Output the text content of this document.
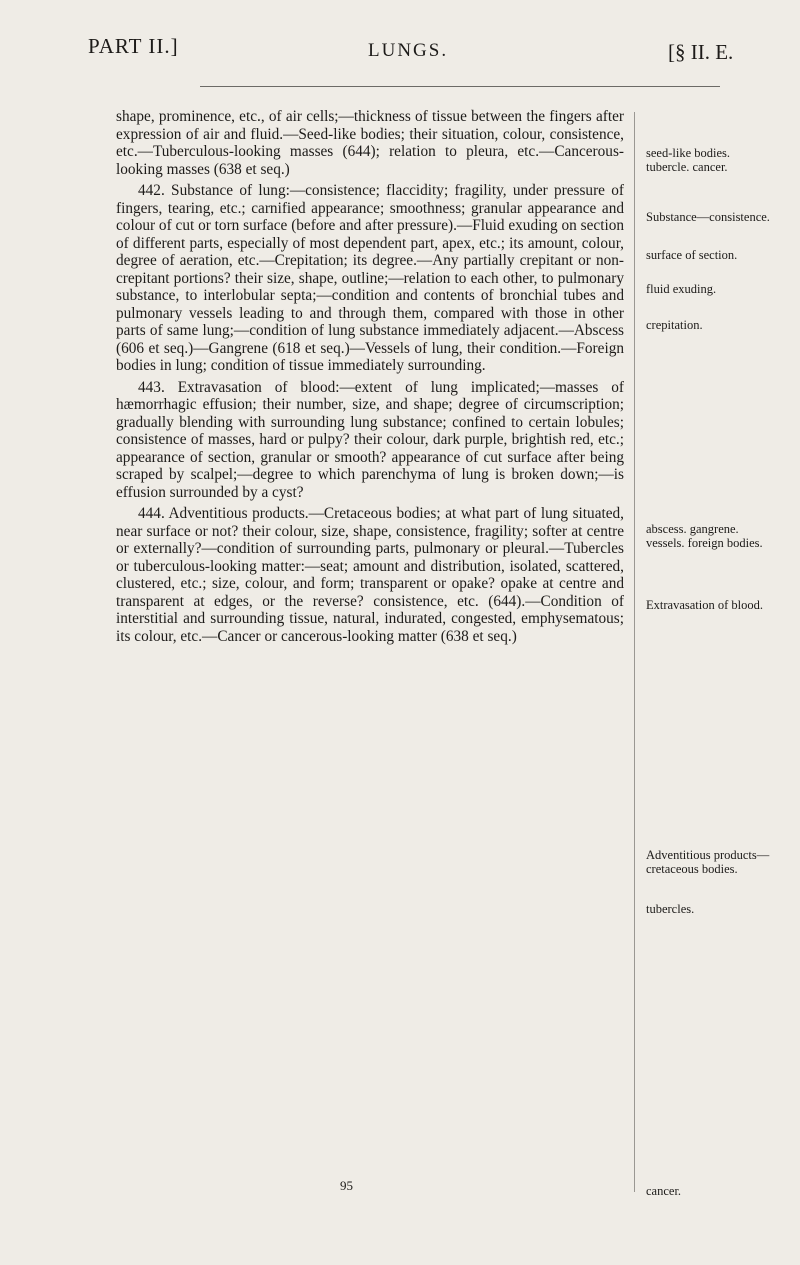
PART II.]	LUNGS.	[§ II. E.

shape, prominence, etc., of air cells;—thickness of tissue between the fingers after expression of air and fluid.—Seed-like bodies; their situation, colour, consistence, etc.—Tuberculous-looking masses (644); relation to pleura, etc.—Cancerous-looking masses (638 et seq.)

442. Substance of lung:—consistence; flaccidity; fragility, under pressure of fingers, tearing, etc.; carnified appearance; smoothness; granular appearance and colour of cut or torn surface (before and after pressure).—Fluid exuding on section of different parts, especially of most dependent part, apex, etc.; its amount, colour, degree of aeration, etc.—Crepitation; its degree.—Any partially crepitant or non-crepitant portions? their size, shape, outline;—relation to each other, to pulmonary substance, to interlobular septa;—condition and contents of bronchial tubes and pulmonary vessels leading to and through them, compared with those in other parts of same lung;—condition of lung substance immediately adjacent.—Abscess (606 et seq.)—Gangrene (618 et seq.)—Vessels of lung, their condition.—Foreign bodies in lung; condition of tissue immediately surrounding.

443. Extravasation of blood:—extent of lung implicated;—masses of hæmorrhagic effusion; their number, size, and shape; degree of circumscription; gradually blending with surrounding lung substance; confined to certain lobules; consistence of masses, hard or pulpy? their colour, dark purple, brightish red, etc.; appearance of section, granular or smooth? appearance of cut surface after being scraped by scalpel;—degree to which parenchyma of lung is broken down;—is effusion surrounded by a cyst?

444. Adventitious products.—Cretaceous bodies; at what part of lung situated, near surface or not? their colour, size, shape, consistence, fragility; softer at centre or externally?—condition of surrounding parts, pulmonary or pleural.—Tubercles or tuberculous-looking matter:—seat; amount and distribution, isolated, scattered, clustered, etc.; size, colour, and form; transparent or opake? opake at centre and transparent at edges, or the reverse? consistence, etc. (644).—Condition of interstitial and surrounding tissue, natural, indurated, congested, emphysematous; its colour, etc.—Cancer or cancerous-looking matter (638 et seq.)

seed-like bodies. tubercle. cancer.
Substance—consistence.
surface of section.
fluid exuding.
crepitation.
abscess. gangrene. vessels. foreign bodies.
Extravasation of blood.
Adventitious products—cretaceous bodies.
tubercles.
cancer.
95
